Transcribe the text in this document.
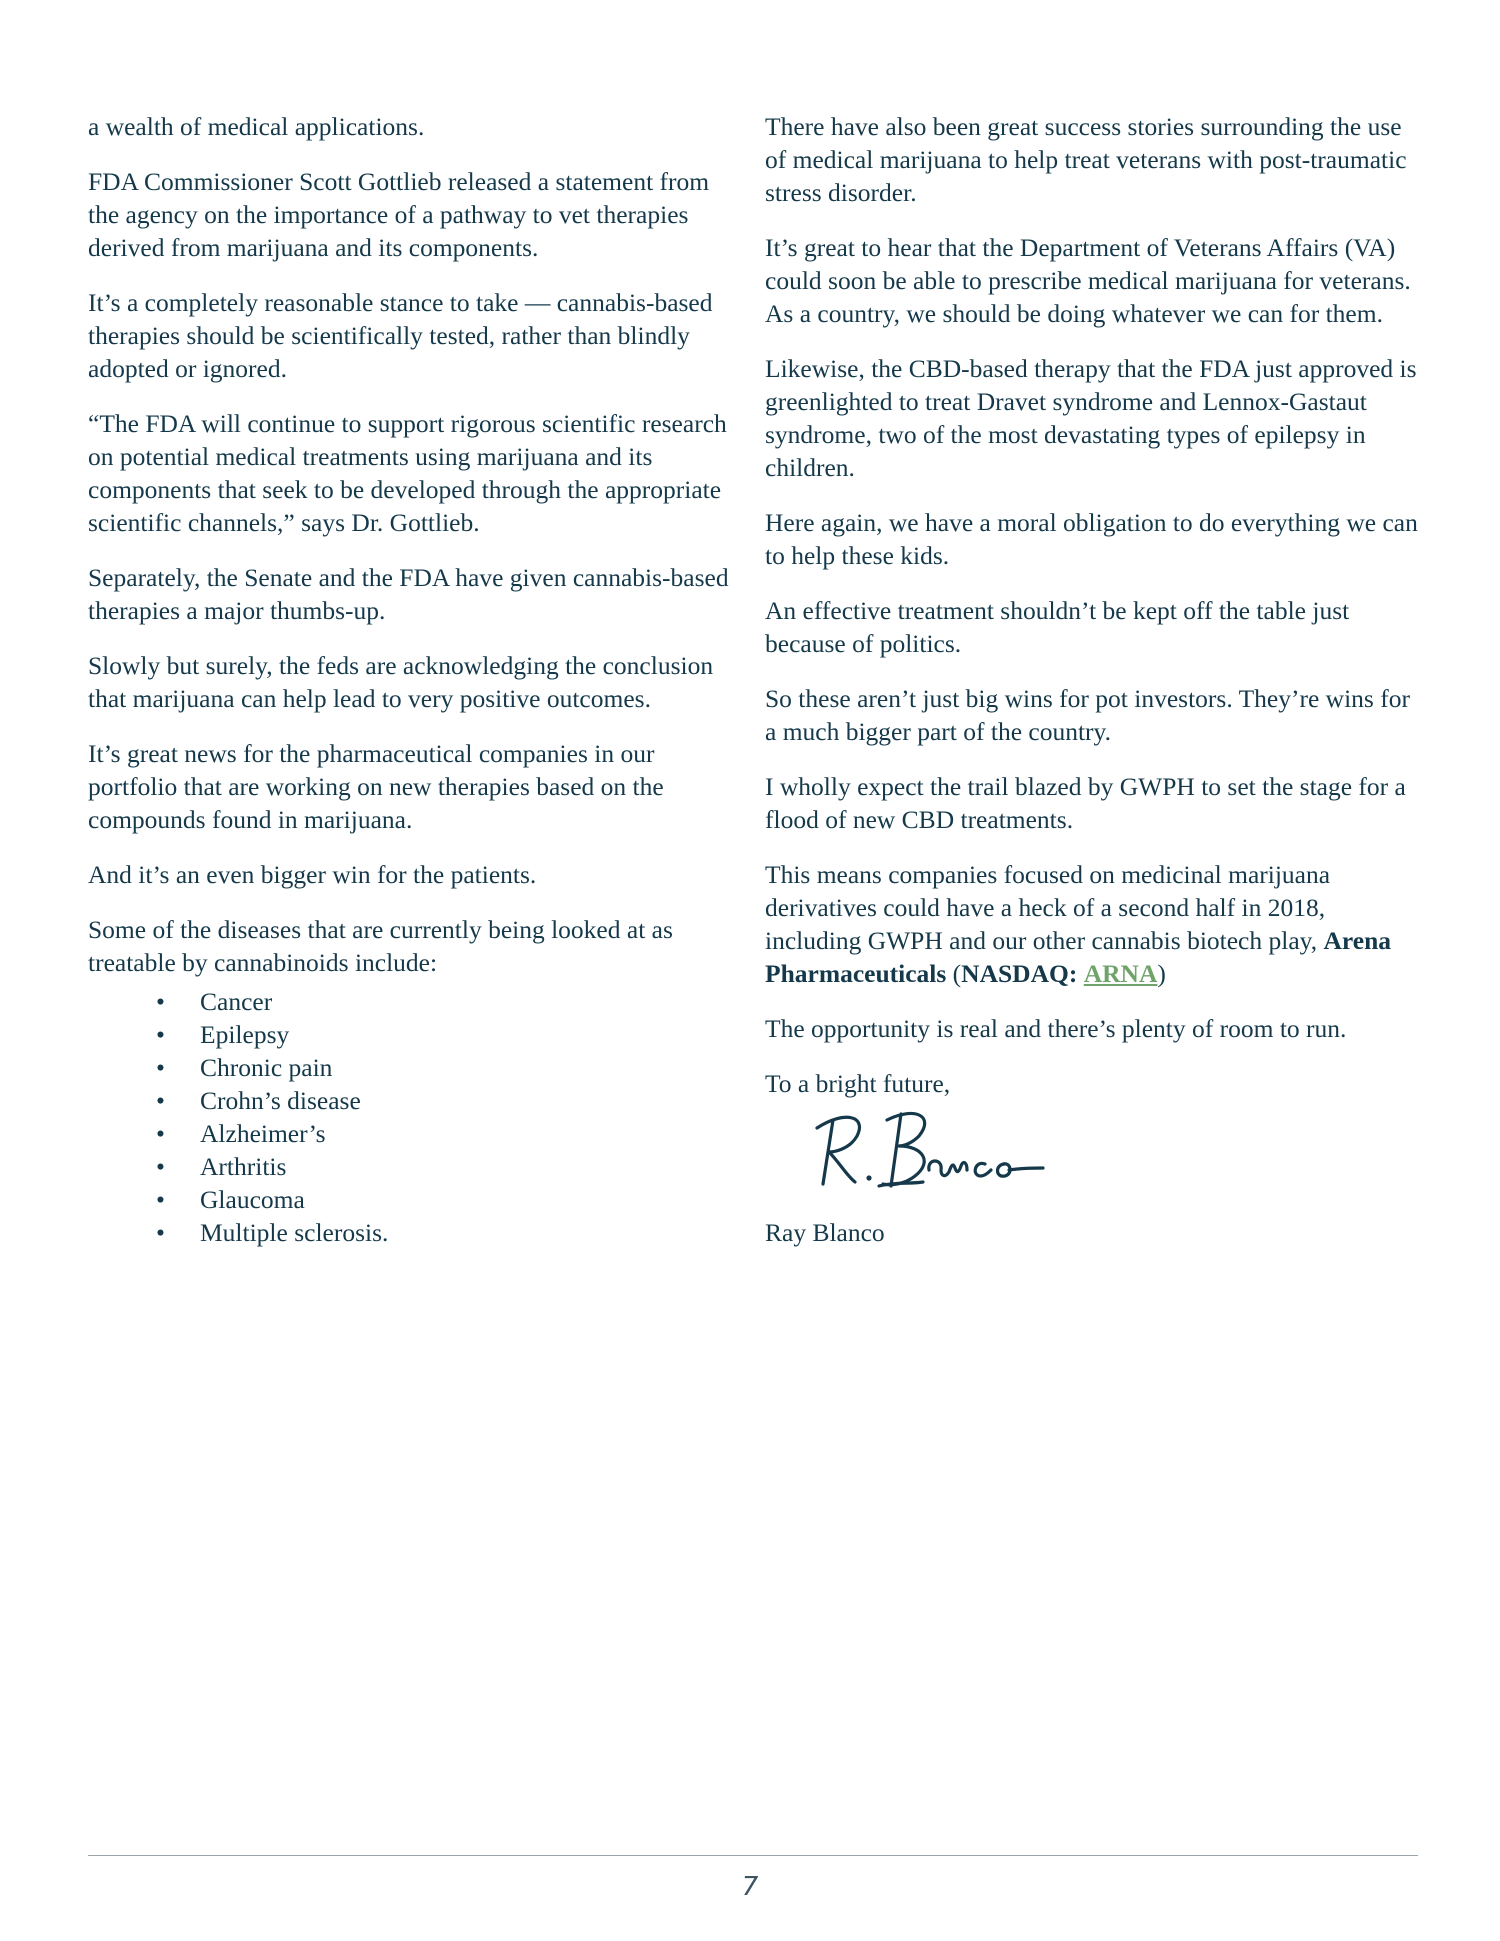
a wealth of medical applications.

FDA Commissioner Scott Gottlieb released a statement from the agency on the importance of a pathway to vet therapies derived from marijuana and its components.

It’s a completely reasonable stance to take — cannabis-based therapies should be scientifically tested, rather than blindly adopted or ignored.

“The FDA will continue to support rigorous scientific research on potential medical treatments using marijuana and its components that seek to be developed through the appropriate scientific channels,” says Dr. Gottlieb.

Separately, the Senate and the FDA have given cannabis-based therapies a major thumbs-up.

Slowly but surely, the feds are acknowledging the conclusion that marijuana can help lead to very positive outcomes.

It’s great news for the pharmaceutical companies in our portfolio that are working on new therapies based on the compounds found in marijuana.

And it’s an even bigger win for the patients.

Some of the diseases that are currently being looked at as treatable by cannabinoids include:

• Cancer
• Epilepsy
• Chronic pain
• Crohn’s disease
• Alzheimer’s
• Arthritis
• Glaucoma
• Multiple sclerosis.

There have also been great success stories surrounding the use of medical marijuana to help treat veterans with post-traumatic stress disorder.

It’s great to hear that the Department of Veterans Affairs (VA) could soon be able to prescribe medical marijuana for veterans. As a country, we should be doing whatever we can for them.

Likewise, the CBD-based therapy that the FDA just approved is greenlighted to treat Dravet syndrome and Lennox-Gastaut syndrome, two of the most devastating types of epilepsy in children.

Here again, we have a moral obligation to do everything we can to help these kids.

An effective treatment shouldn’t be kept off the table just because of politics.

So these aren’t just big wins for pot investors. They’re wins for a much bigger part of the country.

I wholly expect the trail blazed by GWPH to set the stage for a flood of new CBD treatments.

This means companies focused on medicinal marijuana derivatives could have a heck of a second half in 2018, including GWPH and our other cannabis biotech play, Arena Pharmaceuticals (NASDAQ: ARNA)

The opportunity is real and there’s plenty of room to run.

To a bright future,

Ray Blanco

7
